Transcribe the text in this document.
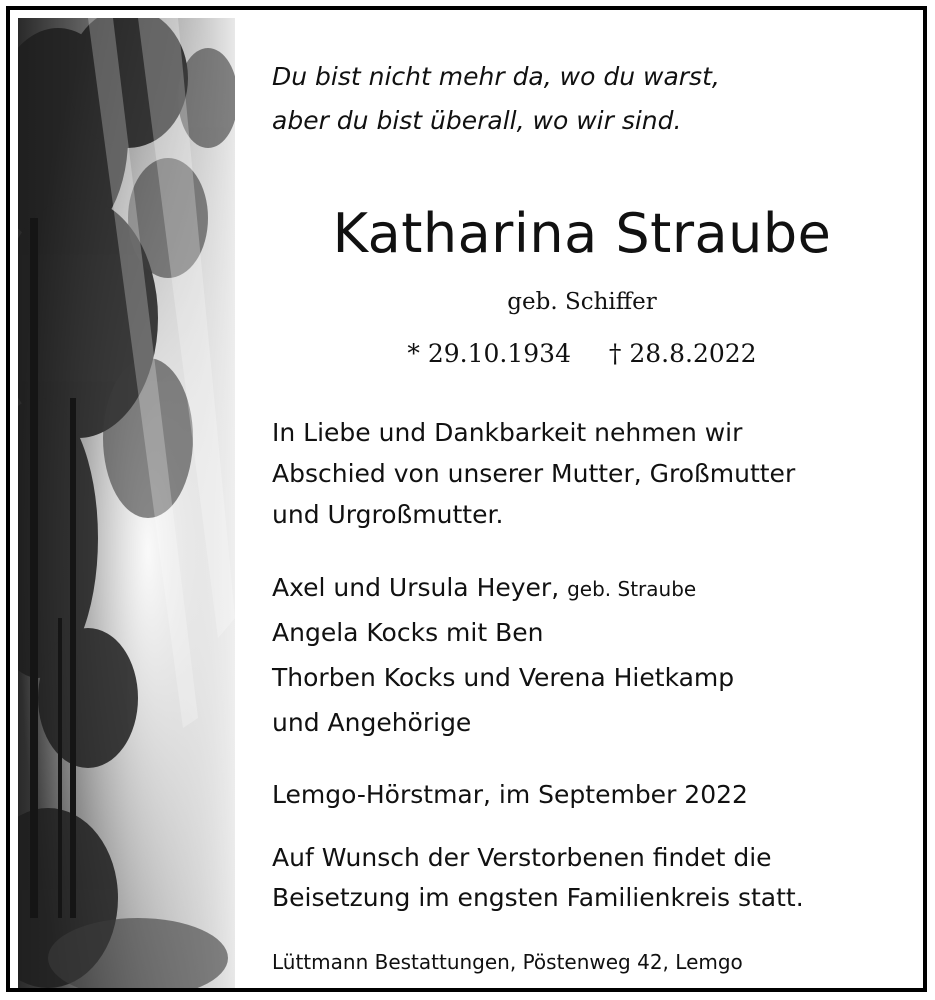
Du bist nicht mehr da, wo du warst,
aber du bist überall, wo wir sind.
Katharina Straube
geb. Schiffer
* 29.10.1934 † 28.8.2022
In Liebe und Dankbarkeit nehmen wir
Abschied von unserer Mutter, Großmutter
und Urgroßmutter.
Axel und Ursula Heyer, geb. Straube
Angela Kocks mit Ben
Thorben Kocks und Verena Hietkamp
und Angehörige
Lemgo-Hörstmar, im September 2022
Auf Wunsch der Verstorbenen findet die
Beisetzung im engsten Familienkreis statt.
Lüttmann Bestattungen, Pöstenweg 42, Lemgo
